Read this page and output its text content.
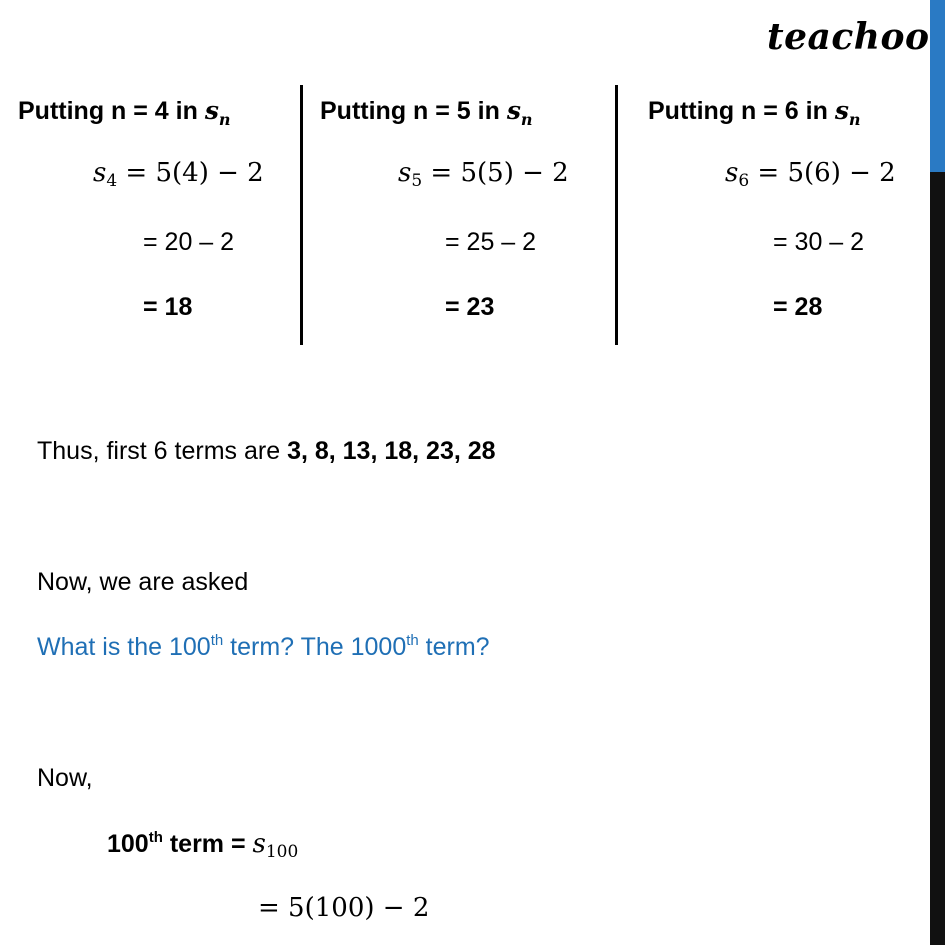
teachoo
Putting n = 4 in $s_n$
$s_4 = 5(4) - 2$
= 20 – 2
= 18
Putting n = 5 in $s_n$
$s_5 = 5(5) - 2$
= 25 – 2
= 23
Putting n = 6 in $s_n$
$s_6 = 5(6) - 2$
= 30 – 2
= 28
Thus, first 6 terms are 3, 8, 13, 18, 23, 28
Now, we are asked
What is the 100th term? The 1000th term?
Now,
100th term = $s_{100}$
= 5(100) − 2
